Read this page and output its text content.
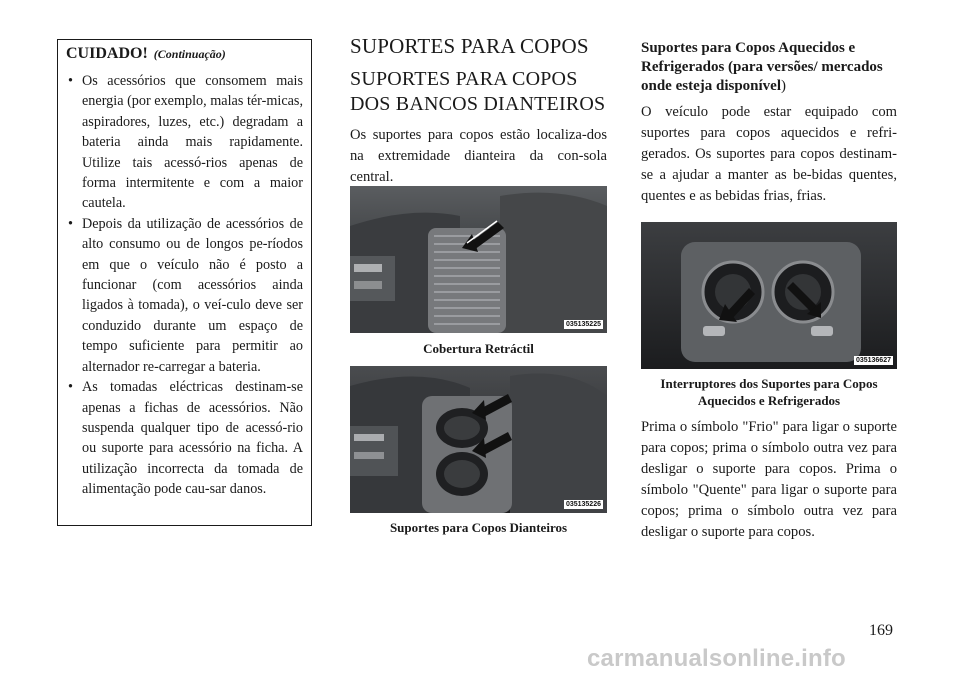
CUIDADO! (Continuação)
• Os acessórios que consomem mais energia (por exemplo, malas tér-micas, aspiradores, luzes, etc.) degradam a bateria ainda mais rapidamente. Utilize tais acessó-rios apenas de forma intermitente e com a maior cautela.
• Depois da utilização de acessórios de alto consumo ou de longos pe-ríodos em que o veículo não é posto a funcionar (com acessórios ainda ligados à tomada), o veí-culo deve ser conduzido durante um espaço de tempo suficiente para permitir ao alternador re-carregar a bateria.
• As tomadas eléctricas destinam-se apenas a fichas de acessórios. Não suspenda qualquer tipo de acessó-rio ou suporte para acessório na ficha. A utilização incorrecta da tomada de alimentação pode cau-sar danos.
SUPORTES PARA COPOS
SUPORTES PARA COPOS DOS BANCOS DIANTEIROS
Os suportes para copos estão localiza-dos na extremidade dianteira da con-sola central.
035135225
Cobertura Retráctil
035135226
Suportes para Copos Dianteiros
Suportes para Copos Aquecidos e Refrigerados (para versões/ mercados onde esteja disponível)
O veículo pode estar equipado com suportes para copos aquecidos e refri-gerados. Os suportes para copos destinam-se a ajudar a manter as be-bidas quentes, quentes e as bebidas frias, frias.
035136627
Interruptores dos Suportes para Copos Aquecidos e Refrigerados
Prima o símbolo "Frio" para ligar o suporte para copos; prima o símbolo outra vez para desligar o suporte para copos. Prima o símbolo "Quente" para ligar o suporte para copos; prima o símbolo outra vez para desligar o suporte para copos.
169
carmanualsonline.info
